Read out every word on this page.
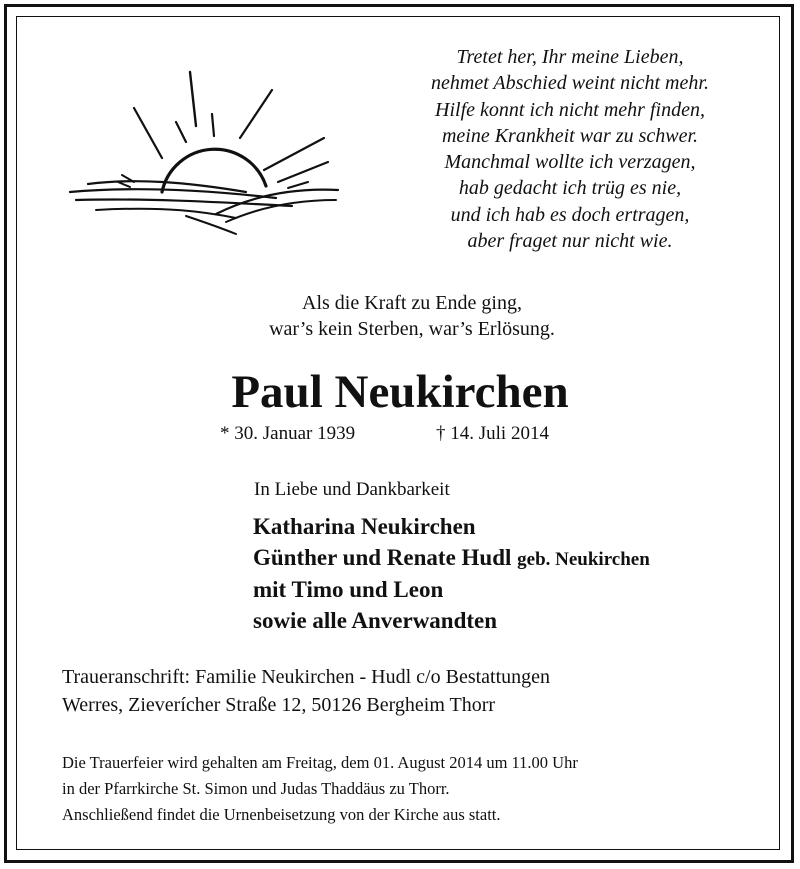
Tretet her, Ihr meine Lieben,
nehmet Abschied weint nicht mehr.
Hilfe konnt ich nicht mehr finden,
meine Krankheit war zu schwer.
Manchmal wollte ich verzagen,
hab gedacht ich trüg es nie,
und ich hab es doch ertragen,
aber fraget nur nicht wie.
Als die Kraft zu Ende ging,
war’s kein Sterben, war’s Erlösung.
Paul Neukirchen
* 30. Januar 1939	† 14. Juli 2014
In Liebe und Dankbarkeit
Katharina Neukirchen
Günther und Renate Hudl geb. Neukirchen
mit Timo und Leon
sowie alle Anverwandten
Traueranschrift: Familie Neukirchen - Hudl c/o Bestattungen
Werres, Zieverícher Straße 12, 50126 Bergheim Thorr
Die Trauerfeier wird gehalten am Freitag, dem 01. August 2014 um 11.00 Uhr
in der Pfarrkirche St. Simon und Judas Thaddäus zu Thorr.
Anschließend findet die Urnenbeisetzung von der Kirche aus statt.
